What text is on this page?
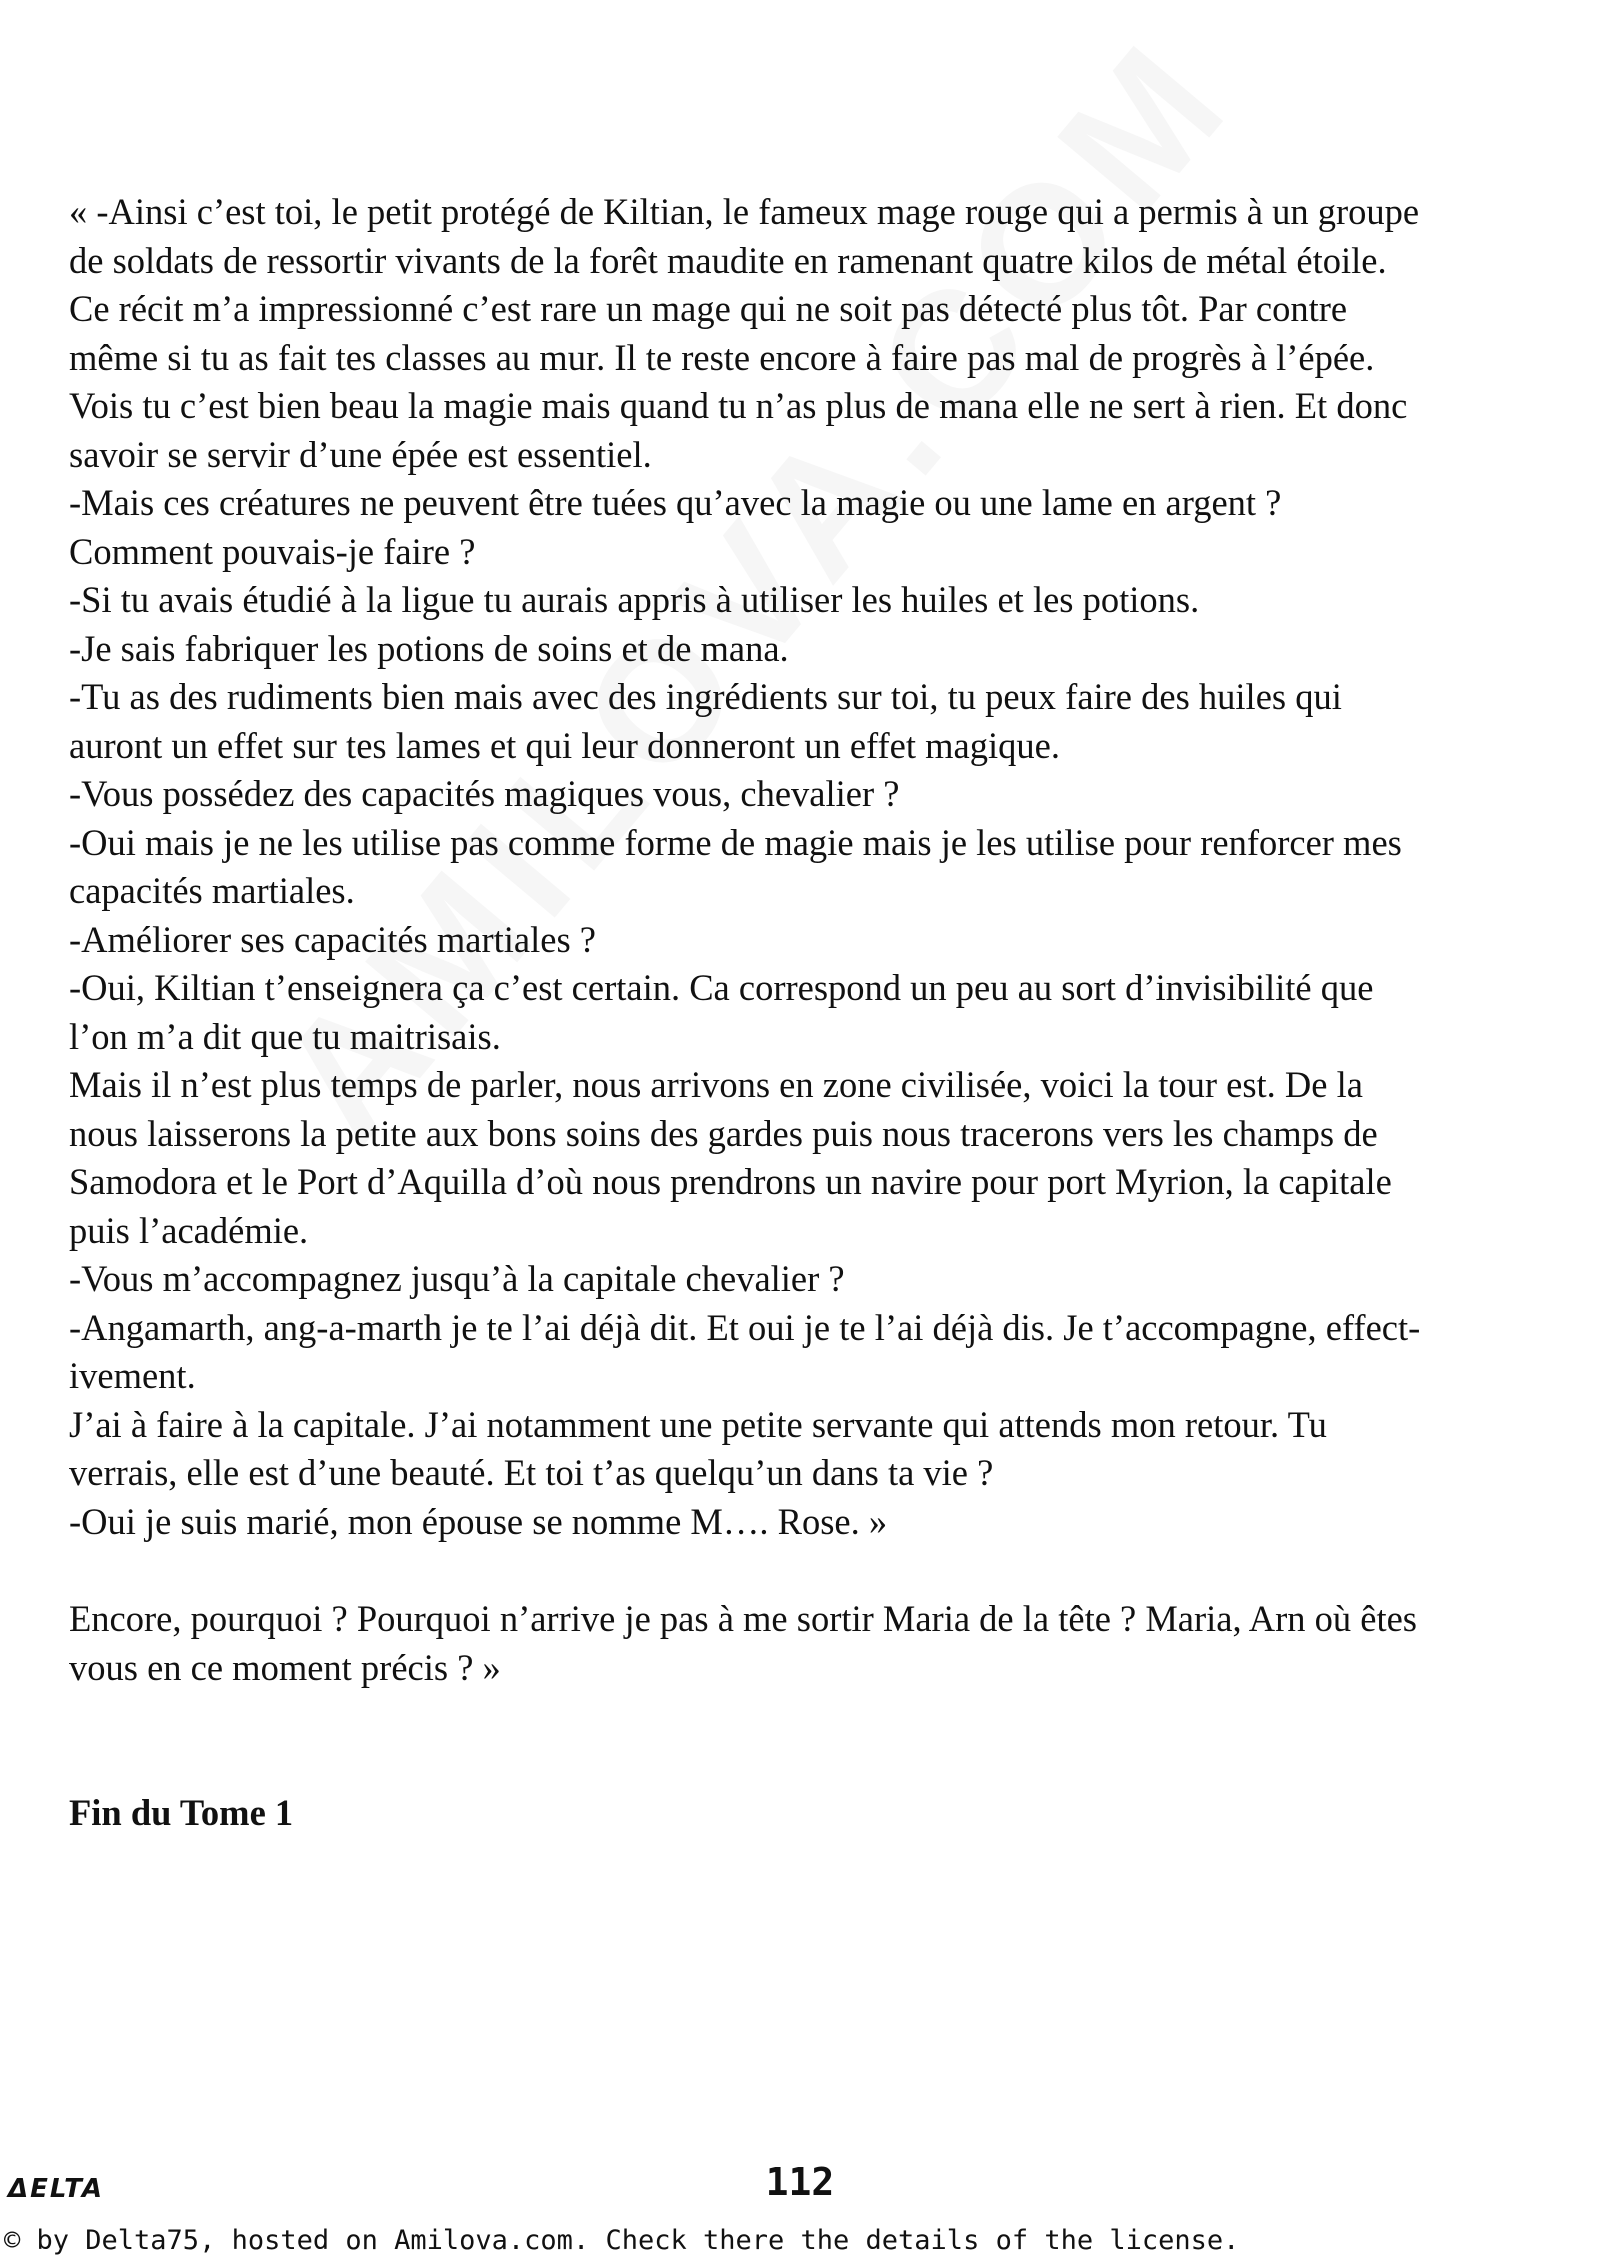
« -Ainsi c’est toi, le petit protégé de Kiltian, le fameux mage rouge qui a permis à un groupe
de soldats de ressortir vivants de la forêt maudite en ramenant quatre kilos de métal étoile.
Ce récit m’a impressionné c’est rare un mage qui ne soit pas détecté plus tôt. Par contre
même si tu as fait tes classes au mur. Il te reste encore à faire pas mal de progrès à l’épée.
Vois tu c’est bien beau la magie mais quand tu n’as plus de mana elle ne sert à rien. Et donc
savoir se servir d’une épée est essentiel.
-Mais ces créatures ne peuvent être tuées qu’avec la magie ou une lame en argent ?
Comment pouvais-je faire ?
-Si tu avais étudié à la ligue tu aurais appris à utiliser les huiles et les potions.
-Je sais fabriquer les potions de soins et de mana.
-Tu as des rudiments bien mais avec des ingrédients sur toi, tu peux faire des huiles qui
auront un effet sur tes lames et qui leur donneront un effet magique.
-Vous possédez des capacités magiques vous, chevalier ?
-Oui mais je ne les utilise pas comme forme de magie mais je les utilise pour renforcer mes
capacités martiales.
-Améliorer ses capacités martiales ?
-Oui, Kiltian t’enseignera ça c’est certain. Ca correspond un peu au sort d’invisibilité que
l’on m’a dit que tu maitrisais.
Mais il n’est plus temps de parler, nous arrivons en zone civilisée, voici la tour est. De la
nous laisserons la petite aux bons soins des gardes puis nous tracerons vers les champs de
Samodora et le Port d’Aquilla d’où nous prendrons un navire pour port Myrion, la capitale
puis l’académie.
-Vous m’accompagnez jusqu’à la capitale chevalier ?
-Angamarth, ang-a-marth je te l’ai déjà dit. Et oui je te l’ai déjà dis. Je t’accompagne, effect-
ivement.
J’ai à faire à la capitale. J’ai notamment une petite servante qui attends mon retour. Tu
verrais, elle est d’une beauté. Et toi t’as quelqu’un dans ta vie ?
-Oui je suis marié, mon épouse se nomme M…. Rose. »
Encore, pourquoi ? Pourquoi n’arrive je pas à me sortir Maria de la tête ? Maria, Arn où êtes
vous en ce moment précis ? »
Fin du Tome 1
ΔELTA	112
© by Delta75, hosted on Amilova.com. Check there the details of the license.
